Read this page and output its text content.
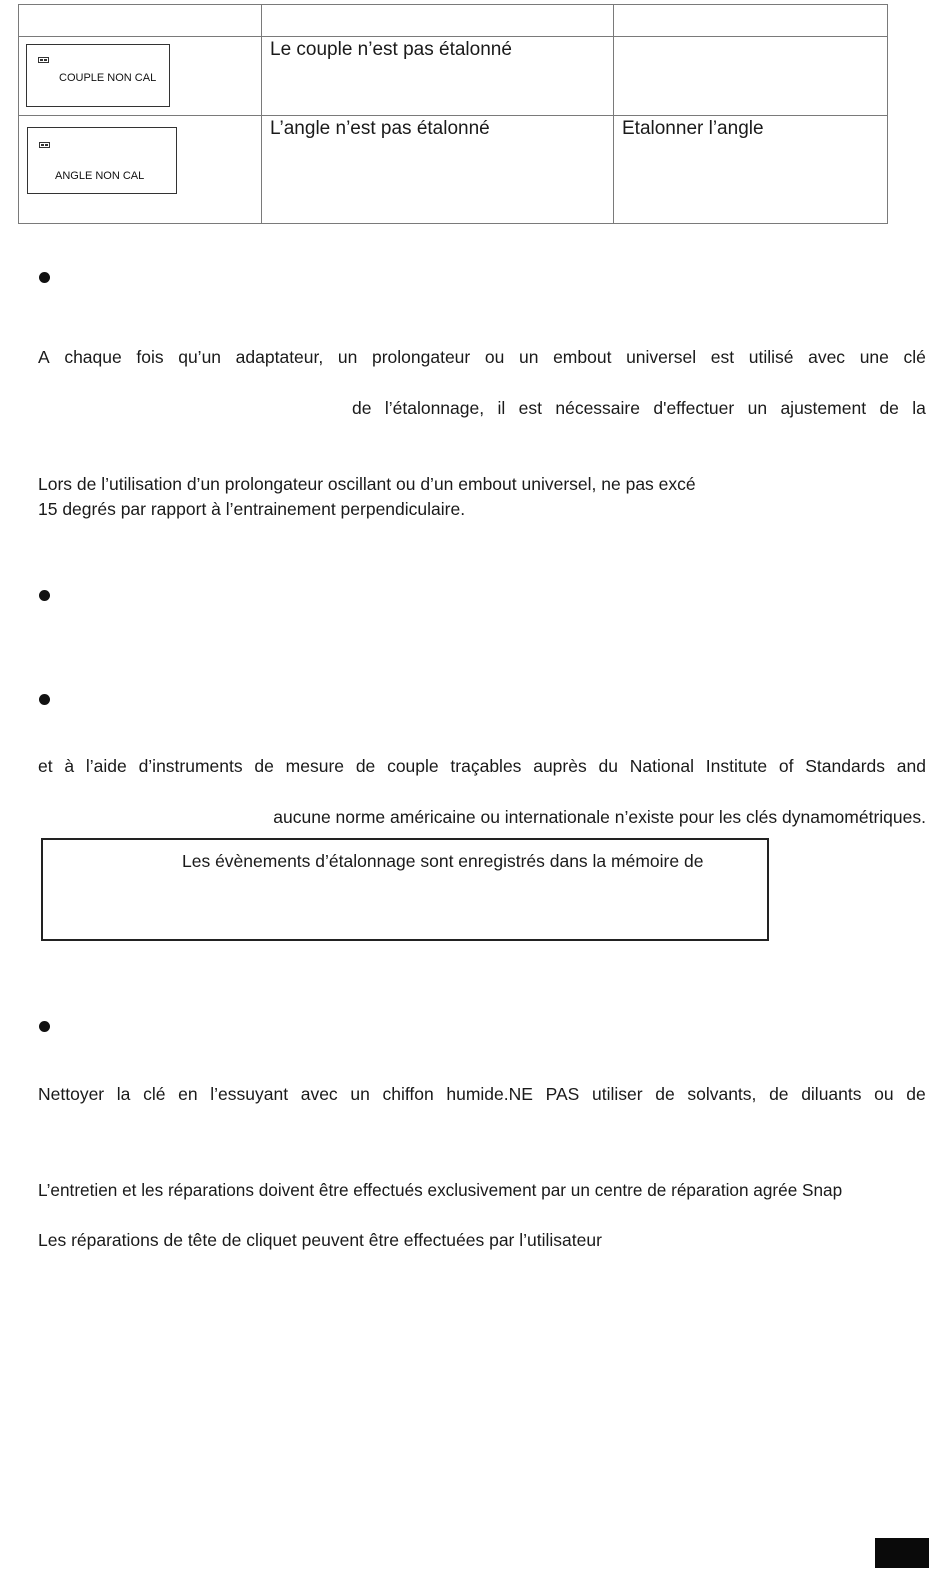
COUPLE NON CAL
Le couple n’est pas étalonné
ANGLE NON CAL
L’angle n’est pas étalonné	Etalonner l’angle
A chaque fois qu’un adaptateur, un prolongateur ou un embout universel est utilisé avec une clé
de l’étalonnage, il est nécessaire d'effectuer un ajustement de la
Lors de l’utilisation d’un prolongateur oscillant ou d’un embout universel, ne pas excé
15 degrés par rapport à l’entrainement perpendiculaire.
et à l’aide d’instruments de mesure de couple traçables auprès du National Institute of Standards and
aucune norme américaine ou internationale n’existe pour les clés dynamométriques.
Les évènements d’étalonnage sont enregistrés dans la mémoire de
Nettoyer la clé en l’essuyant avec un chiffon humide.NE PAS utiliser de solvants, de diluants ou de
L’entretien et les réparations doivent être effectués exclusivement par un centre de réparation agrée Snap
Les réparations de tête de cliquet peuvent être effectuées par l’utilisateur
